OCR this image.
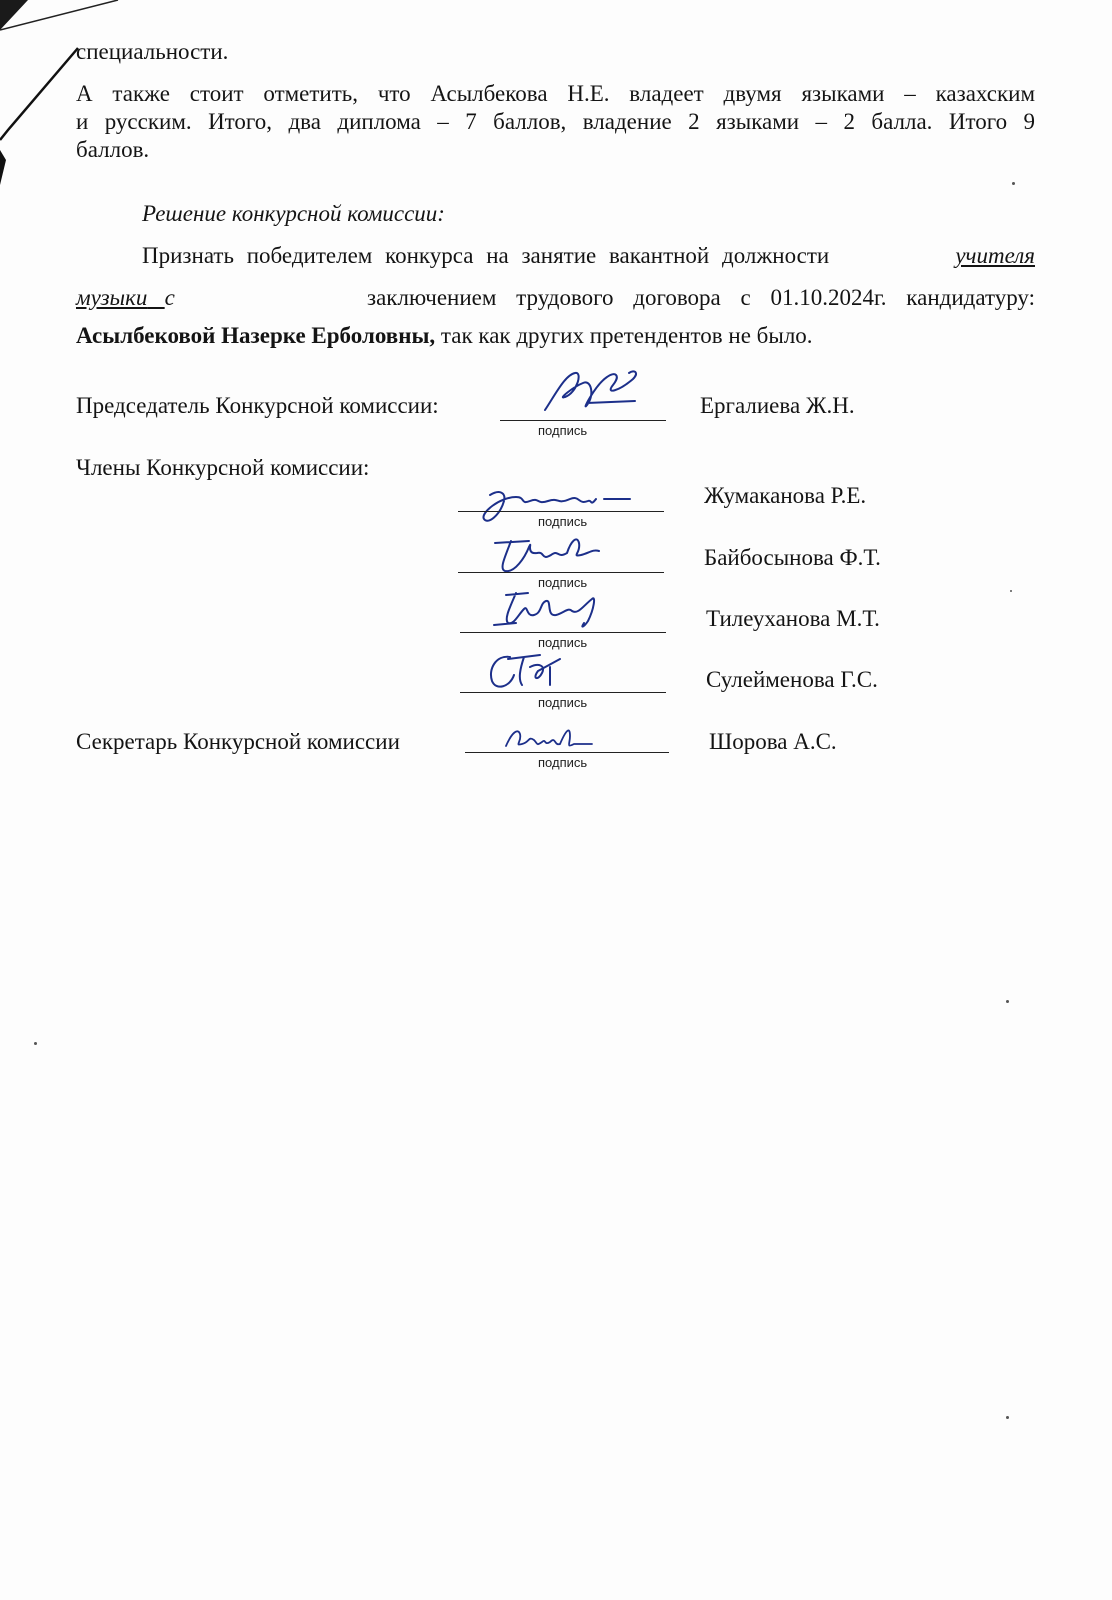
специальности.
А также стоит отметить, что Асылбекова Н.Е. владеет двумя языками – казахским
и русским. Итого, два диплома – 7 баллов, владение 2 языками – 2 балла. Итого 9
баллов.
Решение конкурсной комиссии:
Признать победителем конкурса на занятие вакантной должности	учителя
музыки с	заключением трудового договора с 01.10.2024г. кандидатуру:
Асылбековой Назерке Ерболовны, так как других претендентов не было.
Председатель Конкурсной комиссии:
подпись
Ергалиева Ж.Н.
Члены Конкурсной комиссии:
подпись
Жумаканова Р.Е.
подпись
Байбосынова Ф.Т.
подпись
Тилеуханова М.Т.
подпись
Сулейменова Г.С.
Секретарь Конкурсной комиссии
подпись
Шорова А.С.
